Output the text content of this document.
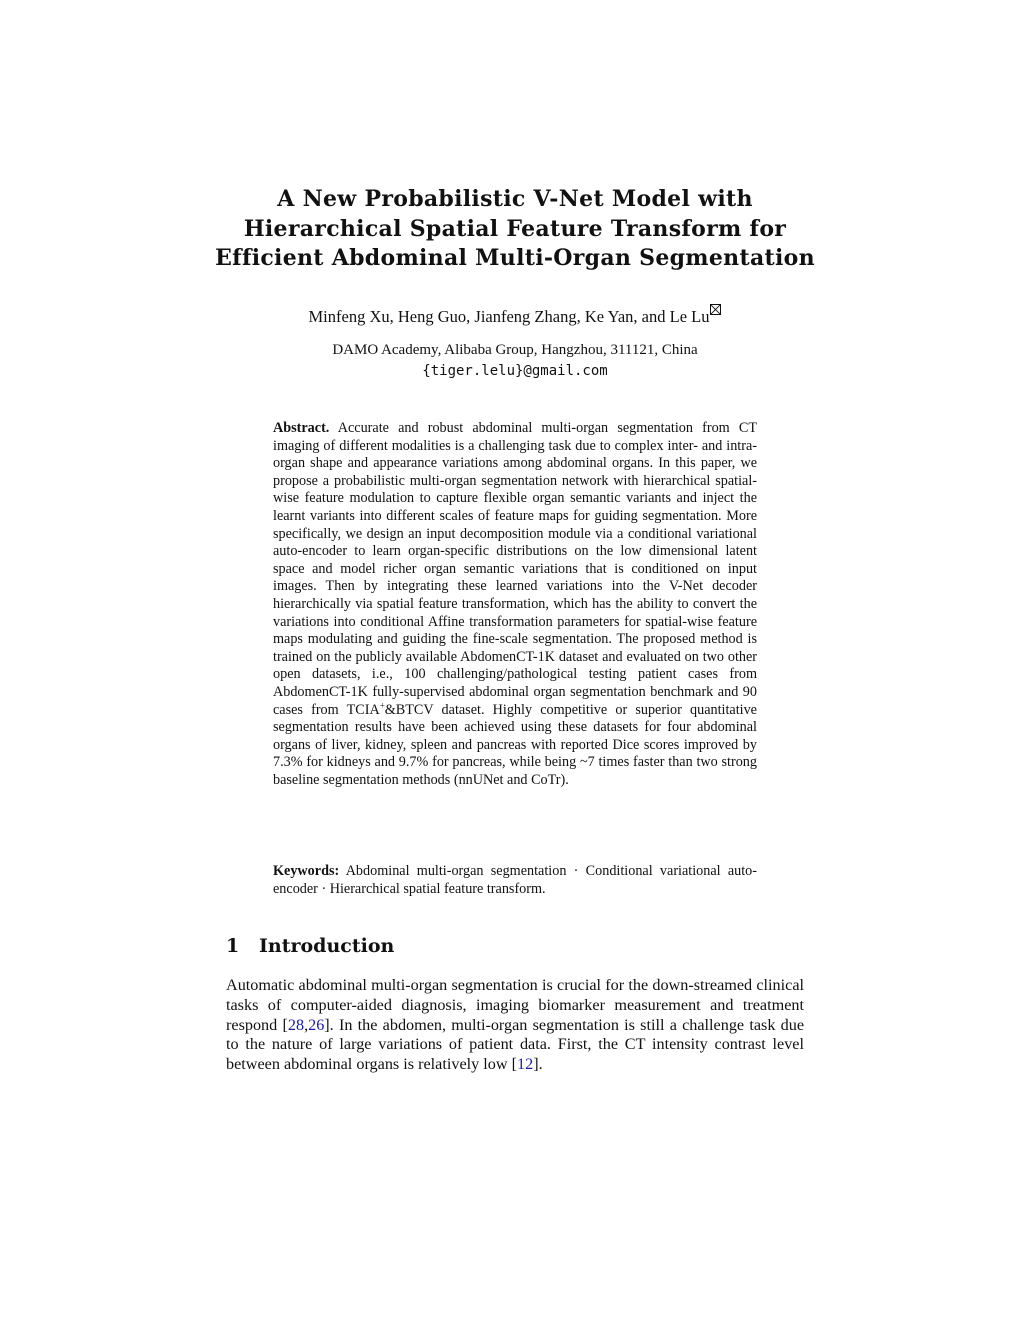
A New Probabilistic V-Net Model with
Hierarchical Spatial Feature Transform for
Efficient Abdominal Multi-Organ Segmentation
Minfeng Xu, Heng Guo, Jianfeng Zhang, Ke Yan, and Le Lu
DAMO Academy, Alibaba Group, Hangzhou, 311121, China
{tiger.lelu}@gmail.com
Abstract. Accurate and robust abdominal multi-organ segmentation from CT imaging of different modalities is a challenging task due to complex inter- and intra-organ shape and appearance variations among abdominal organs. In this paper, we propose a probabilistic multi-organ segmentation network with hierarchical spatial-wise feature modulation to capture flexible organ semantic variants and inject the learnt variants into different scales of feature maps for guiding segmentation. More specifically, we design an input decomposition module via a conditional variational auto-encoder to learn organ-specific distributions on the low dimensional latent space and model richer organ semantic variations that is conditioned on input images. Then by integrating these learned variations into the V-Net decoder hierarchically via spatial feature transformation, which has the ability to convert the variations into conditional Affine transformation parameters for spatial-wise feature maps modulating and guiding the fine-scale segmentation. The proposed method is trained on the publicly available AbdomenCT-1K dataset and evaluated on two other open datasets, i.e., 100 challenging/pathological testing patient cases from AbdomenCT-1K fully-supervised abdominal organ segmentation benchmark and 90 cases from TCIA+&BTCV dataset. Highly competitive or superior quantitative segmentation results have been achieved using these datasets for four abdominal organs of liver, kidney, spleen and pancreas with reported Dice scores improved by 7.3% for kidneys and 9.7% for pancreas, while being ~7 times faster than two strong baseline segmentation methods (nnUNet and CoTr).
Keywords: Abdominal multi-organ segmentation · Conditional variational auto-encoder · Hierarchical spatial feature transform.
1 Introduction
Automatic abdominal multi-organ segmentation is crucial for the down-streamed clinical tasks of computer-aided diagnosis, imaging biomarker measurement and treatment respond [28,26]. In the abdomen, multi-organ segmentation is still a challenge task due to the nature of large variations of patient data. First, the CT intensity contrast level between abdominal organs is relatively low [12].
